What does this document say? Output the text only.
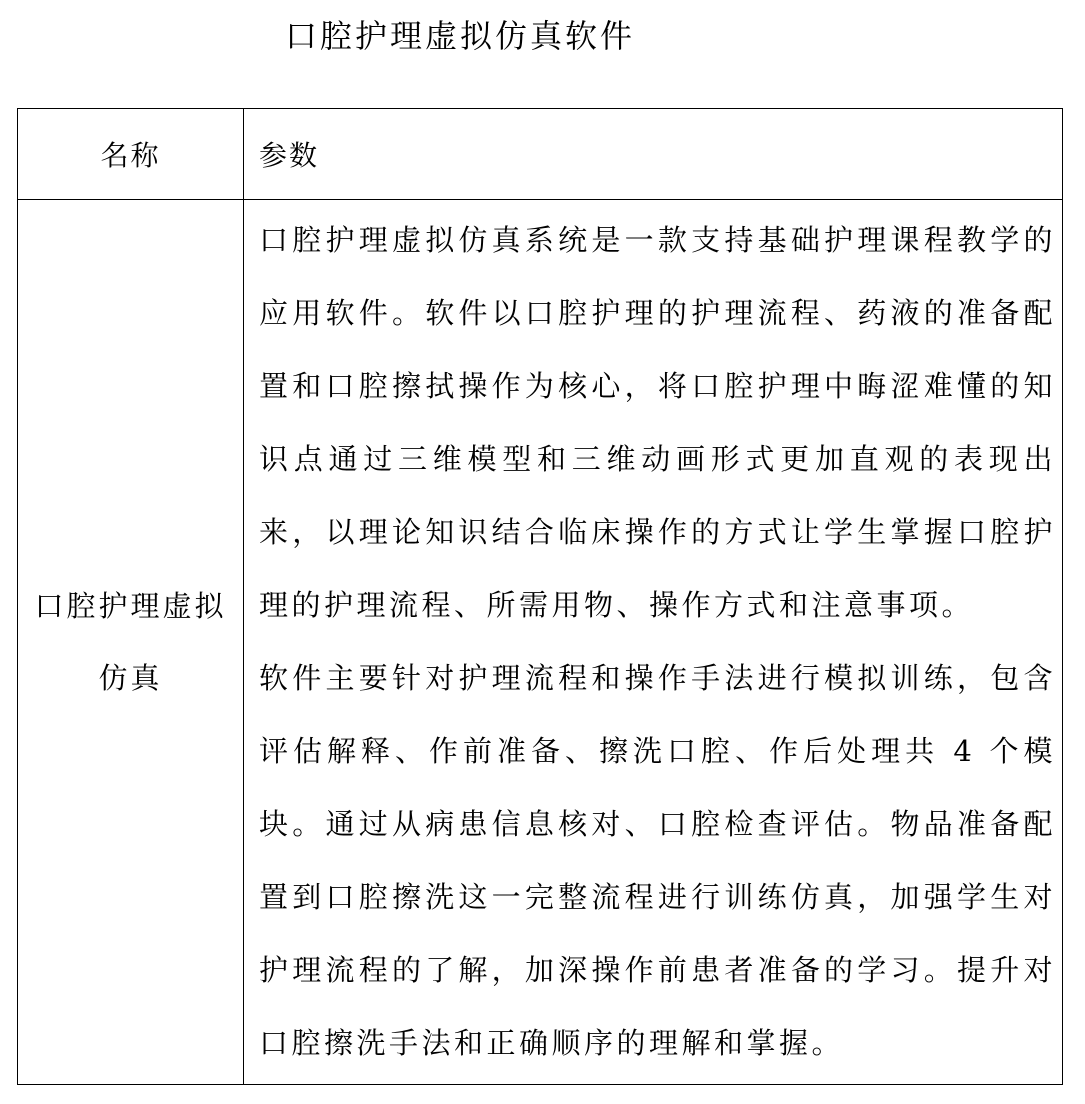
口腔护理虚拟仿真软件
名称	参数
口腔护理虚拟仿真	口腔护理虚拟仿真系统是一款支持基础护理课程教学的应用软件。软件以口腔护理的护理流程、药液的准备配置和口腔擦拭操作为核心，将口腔护理中晦涩难懂的知识点通过三维模型和三维动画形式更加直观的表现出来，以理论知识结合临床操作的方式让学生掌握口腔护理的护理流程、所需用物、操作方式和注意事项。

软件主要针对护理流程和操作手法进行模拟训练，包含评估解释、作前准备、擦洗口腔、作后处理共 4 个模块。通过从病患信息核对、口腔检查评估。物品准备配置到口腔擦洗这一完整流程进行训练仿真，加强学生对护理流程的了解，加深操作前患者准备的学习。提升对口腔擦洗手法和正确顺序的理解和掌握。
